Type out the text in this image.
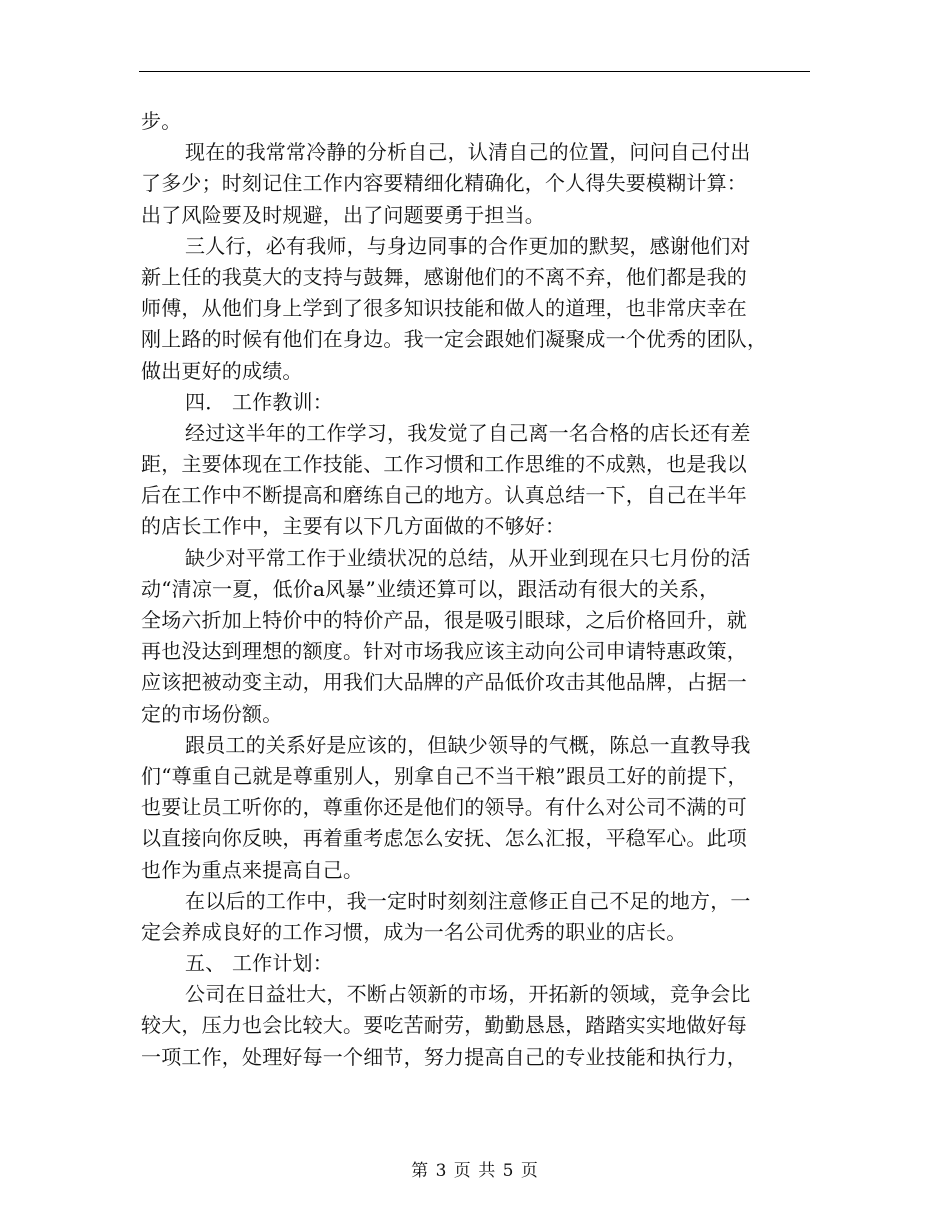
步。
现在的我常常冷静的分析自己，认清自己的位置，问问自己付出
了多少；时刻记住工作内容要精细化精确化，个人得失要模糊计算：
出了风险要及时规避，出了问题要勇于担当。
三人行，必有我师，与身边同事的合作更加的默契，感谢他们对
新上任的我莫大的支持与鼓舞，感谢他们的不离不弃，他们都是我的
师傅，从他们身上学到了很多知识技能和做人的道理，也非常庆幸在
刚上路的时候有他们在身边。我一定会跟她们凝聚成一个优秀的团队，
做出更好的成绩。
四． 工作教训：
经过这半年的工作学习，我发觉了自己离一名合格的店长还有差
距，主要体现在工作技能、工作习惯和工作思维的不成熟，也是我以
后在工作中不断提高和磨练自己的地方。认真总结一下，自己在半年
的店长工作中，主要有以下几方面做的不够好：
缺少对平常工作于业绩状况的总结，从开业到现在只七月份的活
动“清凉一夏，低价a风暴”业绩还算可以，跟活动有很大的关系，
全场六折加上特价中的特价产品，很是吸引眼球，之后价格回升，就
再也没达到理想的额度。针对市场我应该主动向公司申请特惠政策，
应该把被动变主动，用我们大品牌的产品低价攻击其他品牌，占据一
定的市场份额。
跟员工的关系好是应该的，但缺少领导的气概，陈总一直教导我
们“尊重自己就是尊重别人，别拿自己不当干粮”跟员工好的前提下，
也要让员工听你的，尊重你还是他们的领导。有什么对公司不满的可
以直接向你反映，再着重考虑怎么安抚、怎么汇报，平稳军心。此项
也作为重点来提高自己。
在以后的工作中，我一定时时刻刻注意修正自己不足的地方，一
定会养成良好的工作习惯，成为一名公司优秀的职业的店长。
五、 工作计划：
公司在日益壮大，不断占领新的市场，开拓新的领域，竞争会比
较大，压力也会比较大。要吃苦耐劳，勤勤恳恳，踏踏实实地做好每
一项工作，处理好每一个细节，努力提高自己的专业技能和执行力，
第 3 页 共 5 页
